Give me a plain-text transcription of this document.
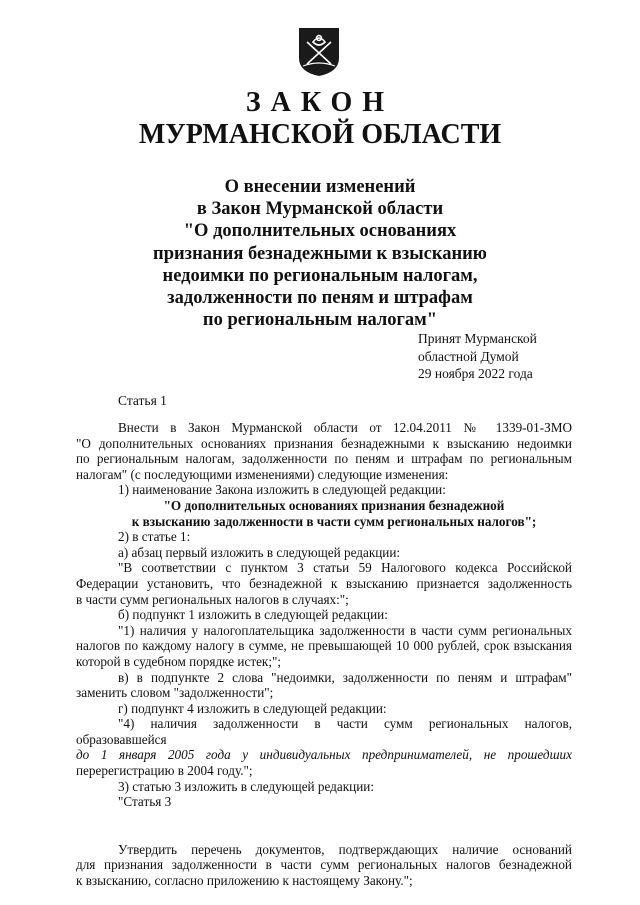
ЗАКОН
МУРМАНСКОЙ ОБЛАСТИ
О внесении изменений
в Закон Мурманской области
"О дополнительных основаниях
признания безнадежными к взысканию
недоимки по региональным налогам,
задолженности по пеням и штрафам
по региональным налогам"
Принят Мурманской
областной Думой
29 ноября 2022 года
Статья 1

Внести в Закон Мурманской области от 12.04.2011 № 1339-01-ЗМО

"О дополнительных основаниях признания безнадежными к взысканию недоимки

по региональным налогам, задолженности по пеням и штрафам по региональным

налогам" (с последующими изменениями) следующие изменения:

1) наименование Закона изложить в следующей редакции:

"О дополнительных основаниях признания безнадежной

к взысканию задолженности в части сумм региональных налогов";

2) в статье 1:

а) абзац первый изложить в следующей редакции:

"В соответствии с пунктом 3 статьи 59 Налогового кодекса Российской

Федерации установить, что безнадежной к взысканию признается задолженность

в части сумм региональных налогов в случаях:";

б) подпункт 1 изложить в следующей редакции:

"1) наличия у налогоплательщика задолженности в части сумм региональных

налогов по каждому налогу в сумме, не превышающей 10 000 рублей, срок взыскания

которой в судебном порядке истек;";

в) в подпункте 2 слова "недоимки, задолженности по пеням и штрафам"

заменить словом "задолженности";

г) подпункт 4 изложить в следующей редакции:

"4) наличия задолженности в части сумм региональных налогов, образовавшейся

до 1 января 2005 года у индивидуальных предпринимателей, не прошедших

перерегистрацию в 2004 году.";

3) статью 3 изложить в следующей редакции:

"Статья 3

Утвердить перечень документов, подтверждающих наличие оснований

для признания задолженности в части сумм региональных налогов безнадежной

к взысканию, согласно приложению к настоящему Закону.";
